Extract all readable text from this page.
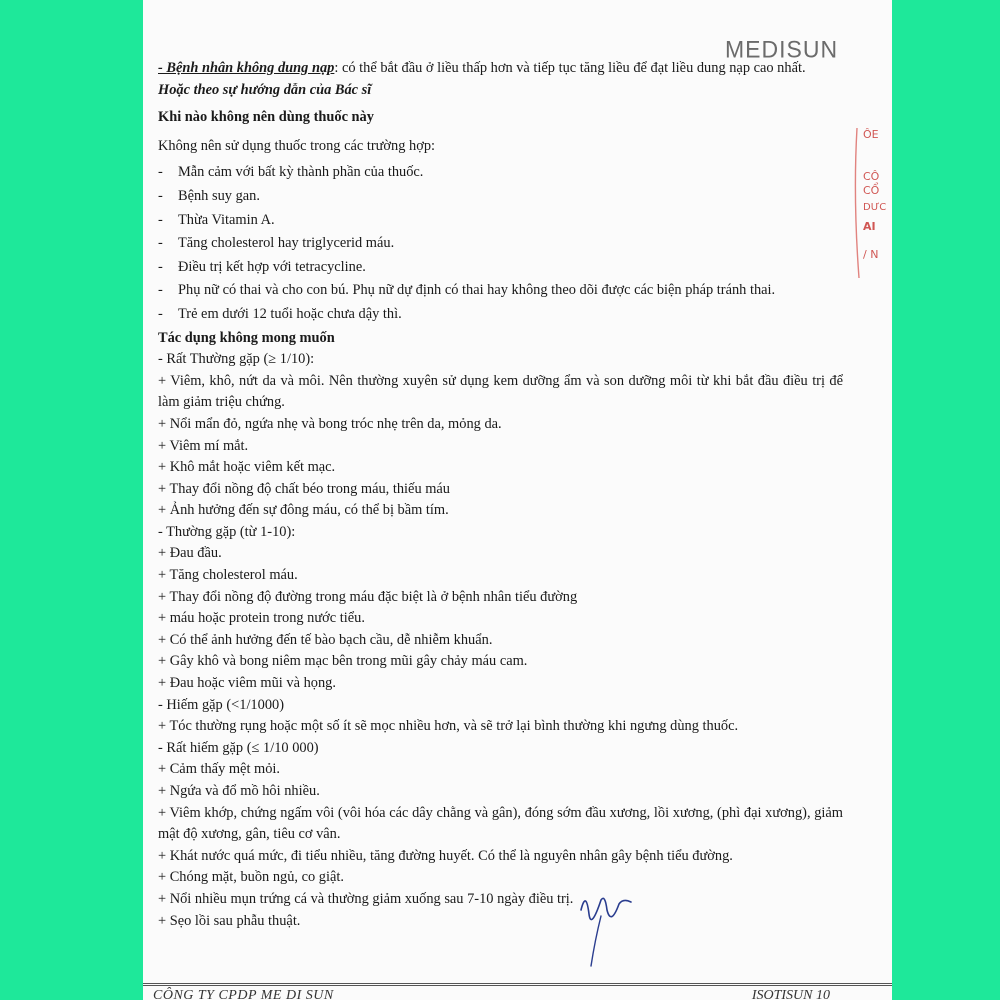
MEDISUN
ÔE
CÔ
CỔ
DƯC
AI
/ N

- Bệnh nhân không dung nạp: có thể bắt đầu ở liều thấp hơn và tiếp tục tăng liều để đạt liều dung nạp cao nhất.

Hoặc theo sự hướng dẫn của Bác sĩ

Khi nào không nên dùng thuốc này

Không nên sử dụng thuốc trong các trường hợp:

-	Mẫn cảm với bất kỳ thành phần của thuốc.
-	Bệnh suy gan.
-	Thừa Vitamin A.
-	Tăng cholesterol hay triglycerid máu.
-	Điều trị kết hợp với tetracycline.
-	Phụ nữ có thai và cho con bú. Phụ nữ dự định có thai hay không theo dõi được các biện pháp tránh thai.
-	Trẻ em dưới 12 tuổi hoặc chưa dậy thì.

Tác dụng không mong muốn

- Rất Thường gặp (≥ 1/10):

+ Viêm, khô, nứt da và môi. Nên thường xuyên sử dụng kem dưỡng ẩm và son dưỡng môi từ khi bắt đầu điều trị để làm giảm triệu chứng.

+ Nổi mẩn đỏ, ngứa nhẹ và bong tróc nhẹ trên da, mỏng da.

+ Viêm mí mắt.

+ Khô mắt hoặc viêm kết mạc.

+ Thay đổi nồng độ chất béo trong máu, thiếu máu

+ Ảnh hưởng đến sự đông máu, có thể bị bầm tím.

- Thường gặp (từ 1-10):

+ Đau đầu.

+ Tăng cholesterol máu.

+ Thay đổi nồng độ đường trong máu đặc biệt là ở bệnh nhân tiểu đường

+ máu hoặc protein trong nước tiểu.

+ Có thể ảnh hưởng đến tế bào bạch cầu, dễ nhiễm khuẩn.

+ Gây khô và bong niêm mạc bên trong mũi gây chảy máu cam.

+ Đau hoặc viêm mũi và họng.

- Hiếm gặp (<1/1000)

+ Tóc thường rụng hoặc một số ít sẽ mọc nhiều hơn, và sẽ trở lại bình thường khi ngưng dùng thuốc.

- Rất hiếm gặp (≤ 1/10 000)

+ Cảm thấy mệt mỏi.

+ Ngứa và đổ mồ hôi nhiều.

+ Viêm khớp, chứng ngấm vôi (vôi hóa các dây chằng và gân), đóng sớm đầu xương, lồi xương, (phì đại xương), giảm mật độ xương, gân, tiêu cơ vân.

+ Khát nước quá mức, đi tiểu nhiều, tăng đường huyết. Có thể là nguyên nhân gây bệnh tiểu đường.

+ Chóng mặt, buồn ngủ, co giật.

+ Nổi nhiều mụn trứng cá và thường giảm xuống sau 7-10 ngày điều trị.

+ Sẹo lồi sau phẫu thuật.

CÔNG TY CPDP ME DI SUN	ISOTISUN 10
